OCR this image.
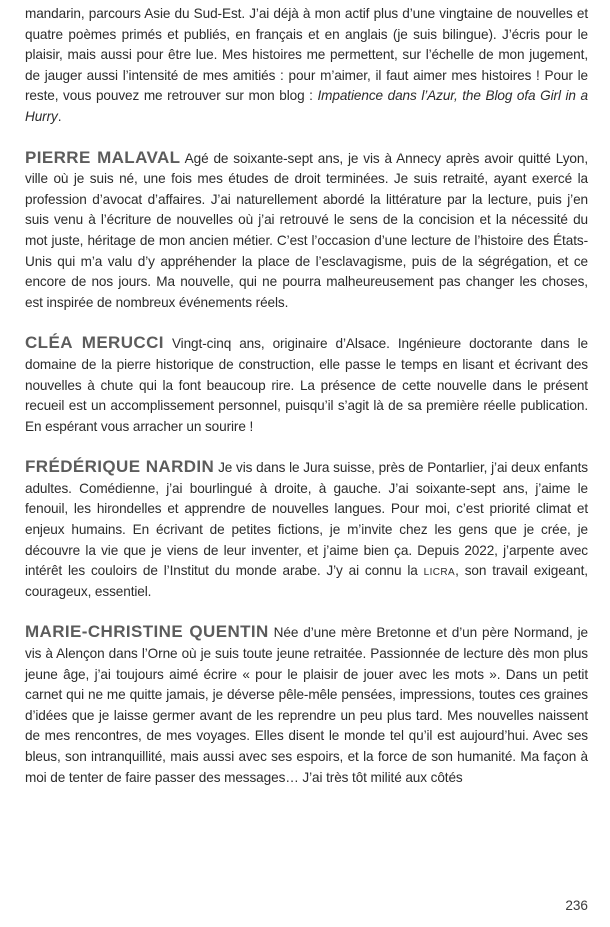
mandarin, parcours Asie du Sud-Est. J’ai déjà à mon actif plus d’une vingtaine de nouvelles et quatre poèmes primés et publiés, en français et en anglais (je suis bilingue). J’écris pour le plaisir, mais aussi pour être lue. Mes histoires me permettent, sur l’échelle de mon jugement, de jauger aussi l’intensité de mes amitiés : pour m’aimer, il faut aimer mes histoires ! Pour le reste, vous pouvez me retrouver sur mon blog : Impatience dans l’Azur, the Blog ofa Girl in a Hurry.

PIERRE MALAVAL Agé de soixante-sept ans, je vis à Annecy après avoir quitté Lyon, ville où je suis né, une fois mes études de droit terminées. Je suis retraité, ayant exercé la profession d’avocat d’affaires. J’ai naturellement abordé la littérature par la lecture, puis j’en suis venu à l’écriture de nouvelles où j’ai retrouvé le sens de la concision et la nécessité du mot juste, héritage de mon ancien métier. C’est l’occasion d’une lecture de l’histoire des États-Unis qui m’a valu d’y appréhender la place de l’esclavagisme, puis de la ségrégation, et ce encore de nos jours. Ma nouvelle, qui ne pourra malheureusement pas changer les choses, est inspirée de nombreux événements réels.

CLÉA MERUCCI Vingt-cinq ans, originaire d’Alsace. Ingénieure doctorante dans le domaine de la pierre historique de construction, elle passe le temps en lisant et écrivant des nouvelles à chute qui la font beaucoup rire. La présence de cette nouvelle dans le présent recueil est un accomplissement personnel, puisqu’il s’agit là de sa première réelle publication. En espérant vous arracher un sourire !

FRÉDÉRIQUE NARDIN Je vis dans le Jura suisse, près de Pontarlier, j’ai deux enfants adultes. Comédienne, j’ai bourlingué à droite, à gauche. J’ai soixante-sept ans, j’aime le fenouil, les hirondelles et apprendre de nouvelles langues. Pour moi, c’est priorité climat et enjeux humains. En écrivant de petites fictions, je m’invite chez les gens que je crée, je découvre la vie que je viens de leur inventer, et j’aime bien ça. Depuis 2022, j’arpente avec intérêt les couloirs de l’Institut du monde arabe. J’y ai connu la licra, son travail exigeant, courageux, essentiel.

MARIE-CHRISTINE QUENTIN Née d’une mère Bretonne et d’un père Normand, je vis à Alençon dans l’Orne où je suis toute jeune retraitée. Passionnée de lecture dès mon plus jeune âge, j’ai toujours aimé écrire « pour le plaisir de jouer avec les mots ». Dans un petit carnet qui ne me quitte jamais, je déverse pêle-mêle pensées, impressions, toutes ces graines d’idées que je laisse germer avant de les reprendre un peu plus tard. Mes nouvelles naissent de mes rencontres, de mes voyages. Elles disent le monde tel qu’il est aujourd’hui. Avec ses bleus, son intranquillité, mais aussi avec ses espoirs, et la force de son humanité. Ma façon à moi de tenter de faire passer des messages… J’ai très tôt milité aux côtés

236
